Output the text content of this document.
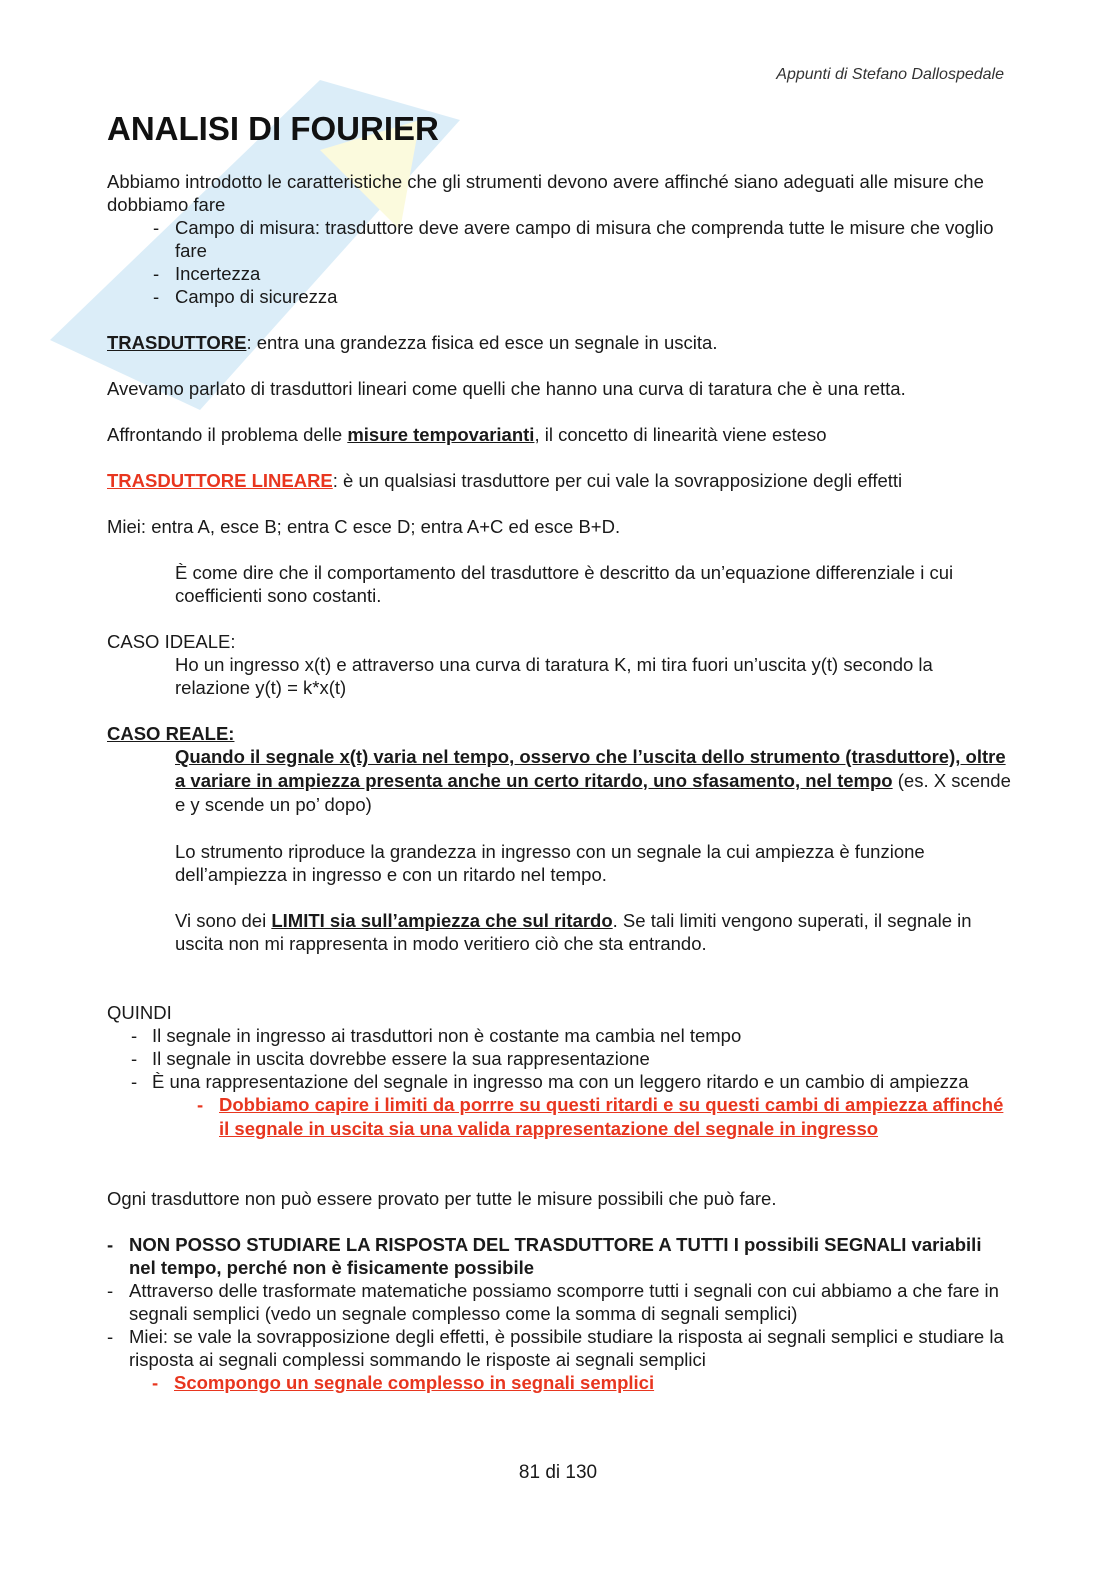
Appunti di Stefano Dallospedale
ANALISI DI FOURIER

Abbiamo introdotto le caratteristiche che gli strumenti devono avere affinché siano adeguati alle misure che dobbiamo fare

- Campo di misura: trasduttore deve avere campo di misura che comprenda tutte le misure che voglio fare
- Incertezza
- Campo di sicurezza

TRASDUTTORE: entra una grandezza fisica ed esce un segnale in uscita.

Avevamo parlato di trasduttori lineari come quelli che hanno una curva di taratura che è una retta.

Affrontando il problema delle misure tempovarianti, il concetto di linearità viene esteso

TRASDUTTORE LINEARE: è un qualsiasi trasduttore per cui vale la sovrapposizione degli effetti

Miei: entra A, esce B; entra C esce D; entra A+C ed esce B+D.

È come dire che il comportamento del trasduttore è descritto da un’equazione differenziale i cui coefficienti sono costanti.

CASO IDEALE:

Ho un ingresso x(t) e attraverso una curva di taratura K, mi tira fuori un’uscita y(t) secondo la relazione y(t) = k*x(t)

CASO REALE:

Quando il segnale x(t) varia nel tempo, osservo che l’uscita dello strumento (trasduttore), oltre a variare in ampiezza presenta anche un certo ritardo, uno sfasamento, nel tempo (es. X scende e y scende un po’ dopo)

Lo strumento riproduce la grandezza in ingresso con un segnale la cui ampiezza è funzione dell’ampiezza in ingresso e con un ritardo nel tempo.

Vi sono dei LIMITI sia sull’ampiezza che sul ritardo. Se tali limiti vengono superati, il segnale in uscita non mi rappresenta in modo veritiero ciò che sta entrando.

QUINDI

- Il segnale in ingresso ai trasduttori non è costante ma cambia nel tempo
- Il segnale in uscita dovrebbe essere la sua rappresentazione
- È una rappresentazione del segnale in ingresso ma con un leggero ritardo e un cambio di ampiezza

- Dobbiamo capire i limiti da porrre su questi ritardi e su questi cambi di ampiezza affinché il segnale in uscita sia una valida rappresentazione del segnale in ingresso

Ogni trasduttore non può essere provato per tutte le misure possibili che può fare.

- NON POSSO STUDIARE LA RISPOSTA DEL TRASDUTTORE A TUTTI I possibili SEGNALI variabili nel tempo, perché non è fisicamente possibile
- Attraverso delle trasformate matematiche possiamo scomporre tutti i segnali con cui abbiamo a che fare in segnali semplici (vedo un segnale complesso come la somma di segnali semplici)
- Miei: se vale la sovrapposizione degli effetti, è possibile studiare la risposta ai segnali semplici e studiare la risposta ai segnali complessi sommando le risposte ai segnali semplici

- Scompongo un segnale complesso in segnali semplici

81 di 130
